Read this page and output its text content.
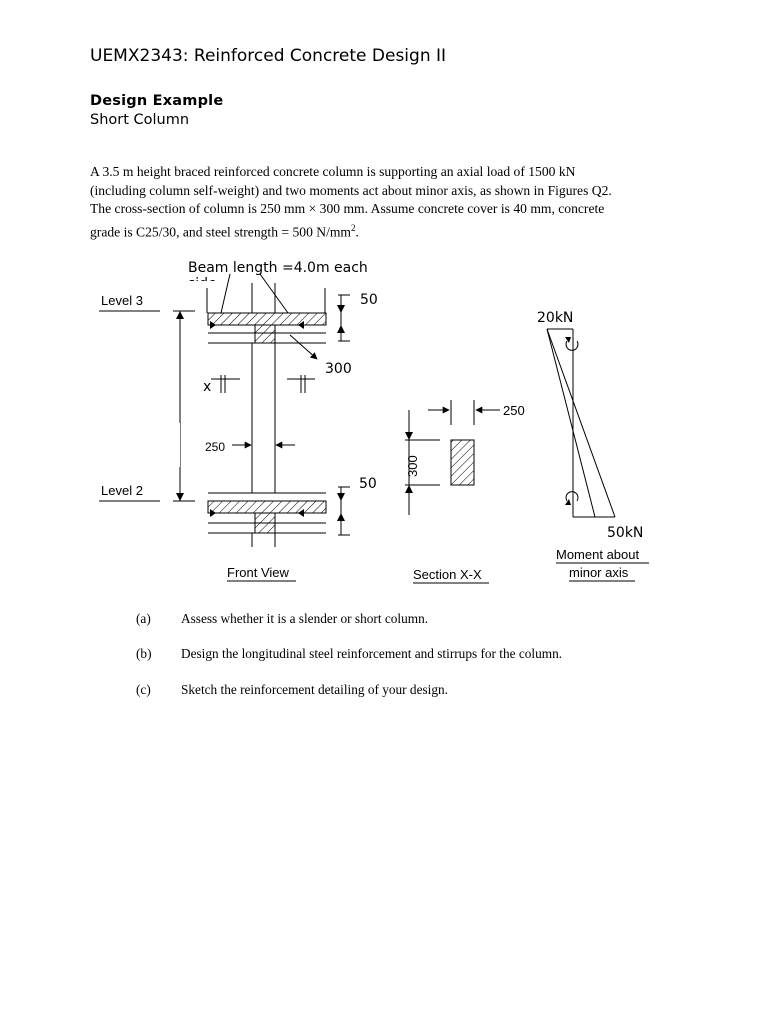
UEMX2343: Reinforced Concrete Design II
Design Example
Short Column
A 3.5 m height braced reinforced concrete column is supporting an axial load of 1500 kN
(including column self-weight) and two moments act about minor axis, as shown in Figures Q2.
The cross-section of column is 250 mm × 300 mm. Assume concrete cover is 40 mm, concrete
grade is C25/30, and steel strength = 500 $N/mm^2$.
Beam length =4.0m each
Level 3
Level 2
x
300
250
50
50
Front View
250
300
Section X-X
20kN
50kN
Moment about
minor axis
(a) Assess whether it is a slender or short column.
(b) Design the longitudinal steel reinforcement and stirrups for the column.
(c) Sketch the reinforcement detailing of your design.
